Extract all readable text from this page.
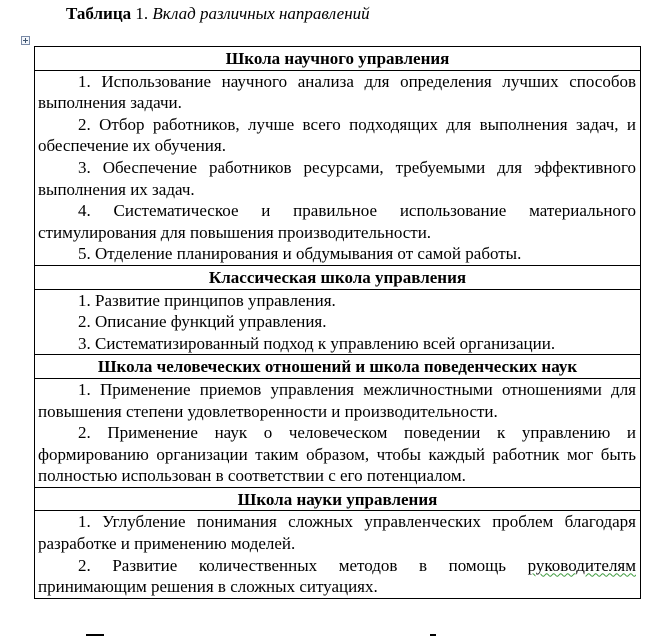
Таблица 1. Вклад различных направлений
Школа научного управления

1. Использование научного анализа для определения лучших способов выполнения задачи.

2. Отбор работников, лучше всего подходящих для выполнения задач, и обеспечение их обучения.

3. Обеспечение работников ресурсами, требуемыми для эффективного выполнения их задач.

4. Систематическое и правильное использование материального стимулирования для повышения производительности.

5. Отделение планирования и обдумывания от самой работы.

Классическая школа управления

1. Развитие принципов управления.

2. Описание функций управления.

3. Систематизированный подход к управлению всей организации.

Школа человеческих отношений и школа поведенческих наук

1. Применение приемов управления межличностными отношениями для повышения степени удовлетворенности и производительности.

2. Применение наук о человеческом поведении к управлению и формированию организации таким образом, чтобы каждый работник мог быть полностью использован в соответствии с его потенциалом.

Школа науки управления

1. Углубление понимания сложных управленческих проблем благодаря разработке и применению моделей.

2. Развитие количественных методов в помощь руководителям принимающим решения в сложных ситуациях.
